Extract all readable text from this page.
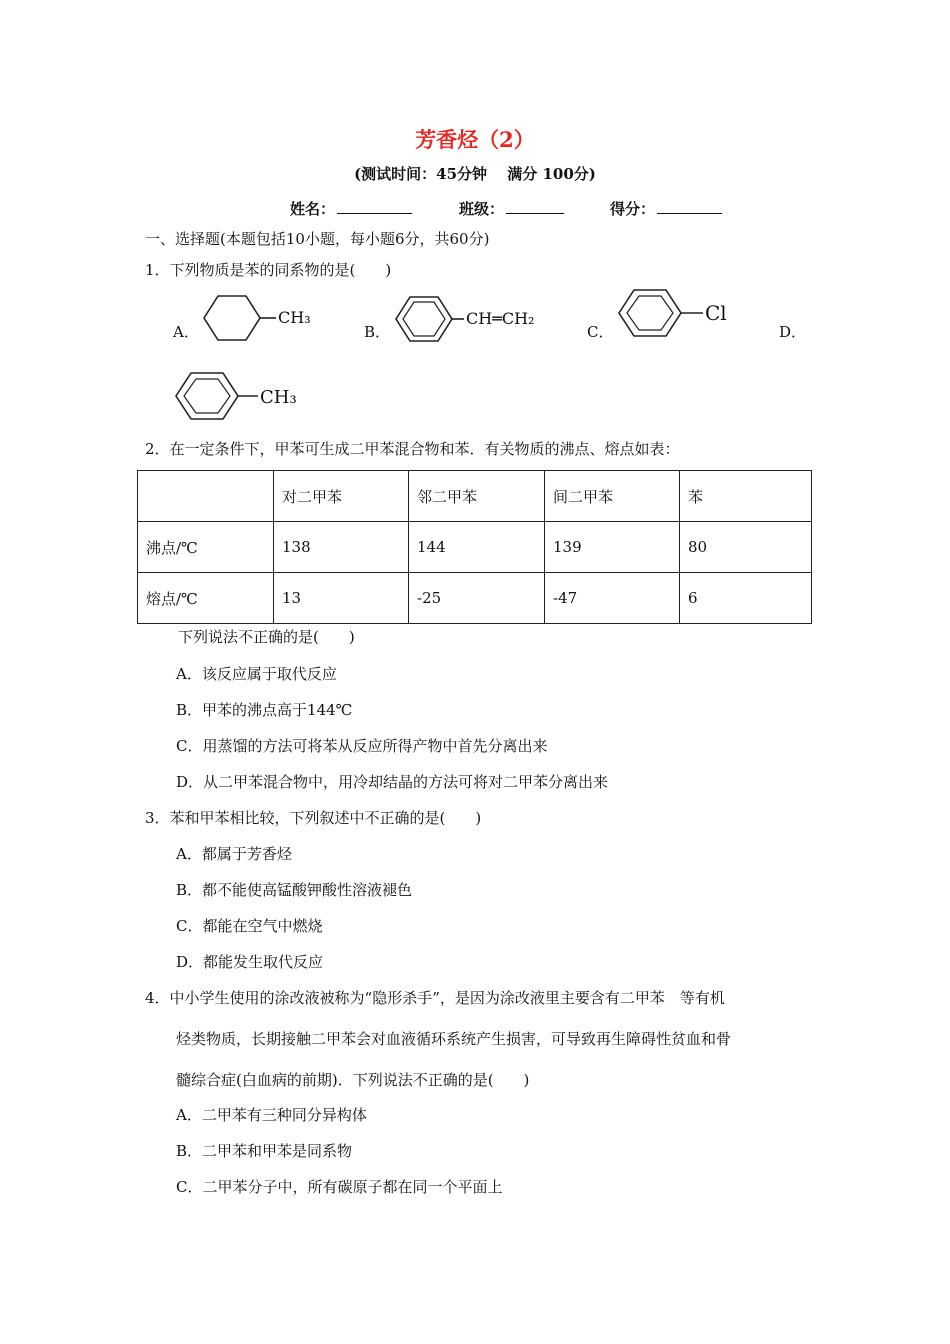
芳香烃（2）
(测试时间：45分钟　 满分 100分)
姓名：	班级：	得分：
一、选择题(本题包括10小题，每小题6分，共60分)
1．下列物质是苯的同系物的是(　　)
A．
CH₃
B．
CH═CH₂
C．
Cl
D．
CH₃
2．在一定条件下，甲苯可生成二甲苯混合物和苯．有关物质的沸点、熔点如表：
	对二甲苯	邻二甲苯	间二甲苯	苯
沸点/℃	138	144	139	80
熔点/℃	13	-25	-47	6
下列说法不正确的是(　　)
A．该反应属于取代反应
B．甲苯的沸点高于144℃
C．用蒸馏的方法可将苯从反应所得产物中首先分离出来
D．从二甲苯混合物中，用冷却结晶的方法可将对二甲苯分离出来
3．苯和甲苯相比较，下列叙述中不正确的是(　　)
A．都属于芳香烃
B．都不能使高锰酸钾酸性溶液褪色
C．都能在空气中燃烧
D．都能发生取代反应
4．中小学生使用的涂改液被称为“隐形杀手”，是因为涂改液里主要含有二甲苯　等有机
烃类物质，长期接触二甲苯会对血液循环系统产生损害，可导致再生障碍性贫血和骨
髓综合症(白血病的前期)．下列说法不正确的是(　　)
A．二甲苯有三种同分异构体
B．二甲苯和甲苯是同系物
C．二甲苯分子中，所有碳原子都在同一个平面上
